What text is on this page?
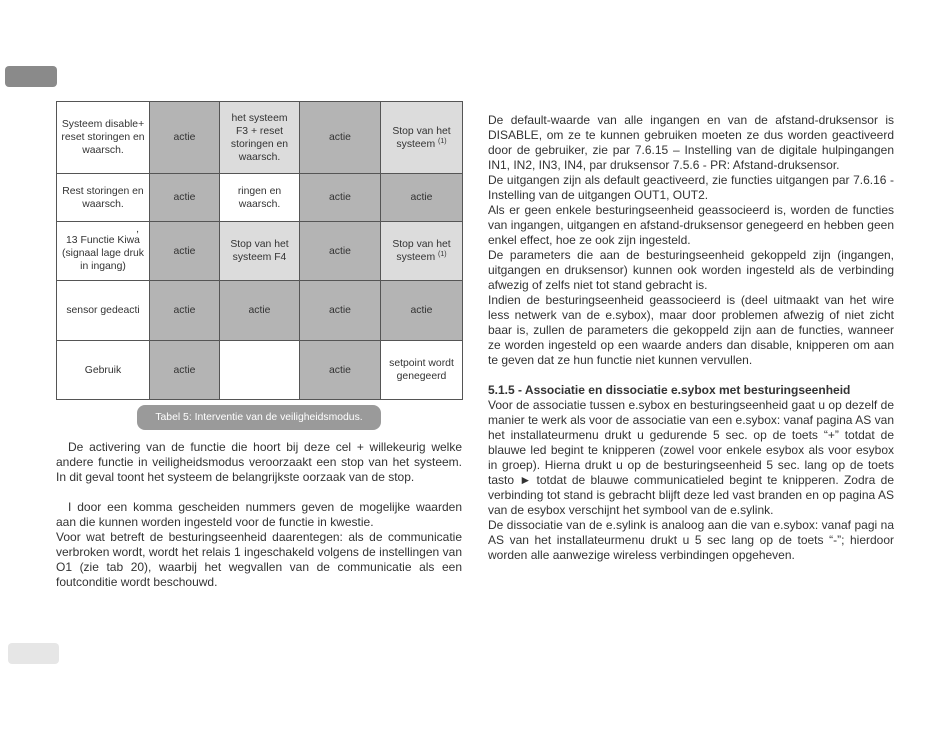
Systeem disable+ reset storingen en waarsch.	actie	het systeem F3 + reset storingen en waarsch.	actie	Stop van het systeem $^{(1)}$
Rest storingen en waarsch.	actie	ringen en waarsch.	actie	actie

,
13 Functie Kiwa (signaal lage druk in ingang)	actie	Stop van het systeem F4	actie	Stop van het systeem $^{(1)}$
sensor gedeacti	actie	actie	actie	actie
Gebruik	actie		actie	setpoint wordt genegeerd
Tabel 5: Interventie van de veiligheidsmodus.

De activering van de functie die hoort bij deze cel + willekeurig welke andere functie in veiligheidsmodus veroorzaakt een stop van het systeem. In dit geval toont het systeem de belangrijkste oorzaak van de stop.

I door een komma gescheiden nummers geven de mogelijke waarden aan die kunnen worden ingesteld voor de functie in kwestie.

Voor wat betreft de besturingseenheid daarentegen: als de communicatie verbroken wordt, wordt het relais 1 ingeschakeld volgens de instellingen van O1 (zie tab 20), waarbij het wegvallen van de communicatie als een foutconditie wordt beschouwd.

De default-waarde van alle ingangen en van de afstand-druksensor is DISABLE, om ze te kunnen gebruiken moeten ze dus worden geactiveerd door de gebruiker, zie par 7.6.15 – Instelling van de digitale hulpingangen IN1, IN2, IN3, IN4, par druksensor 7.5.6 - PR: Afstand-druksensor.

De uitgangen zijn als default geactiveerd, zie functies uitgangen par 7.6.16 - Instelling van de uitgangen OUT1, OUT2.

Als er geen enkele besturingseenheid geassocieerd is, worden de functies van ingangen, uitgangen en afstand-druksensor genegeerd en hebben geen enkel effect, hoe ze ook zijn ingesteld.

De parameters die aan de besturingseenheid gekoppeld zijn (ingangen, uitgangen en druksensor) kunnen ook worden ingesteld als de verbinding afwezig of zelfs niet tot stand gebracht is.

Indien de besturingseenheid geassocieerd is (deel uitmaakt van het wire less netwerk van de e.sybox), maar door problemen afwezig of niet zicht baar is, zullen de parameters die gekoppeld zijn aan de functies, wanneer ze worden ingesteld op een waarde anders dan disable, knipperen om aan te geven dat ze hun functie niet kunnen vervullen.

5.1.5 - Associatie en dissociatie e.sybox met besturingseenheid

Voor de associatie tussen e.sybox en besturingseenheid gaat u op dezelf de manier te werk als voor de associatie van een e.sybox: vanaf pagina AS van het installateurmenu drukt u gedurende 5 sec. op de toets “+” totdat de blauwe led begint te knipperen (zowel voor enkele esybox als voor esybox in groep). Hierna drukt u op de besturingseenheid 5 sec. lang op de toets tasto ► totdat de blauwe communicatieled begint te knipperen. Zodra de verbinding tot stand is gebracht blijft deze led vast branden en op pagina AS van de esybox verschijnt het symbool van de e.sylink.

De dissociatie van de e.sylink is analoog aan die van e.sybox: vanaf pagi na AS van het installateurmenu drukt u 5 sec lang op de toets “-”; hierdoor worden alle aanwezige wireless verbindingen opgeheven.
